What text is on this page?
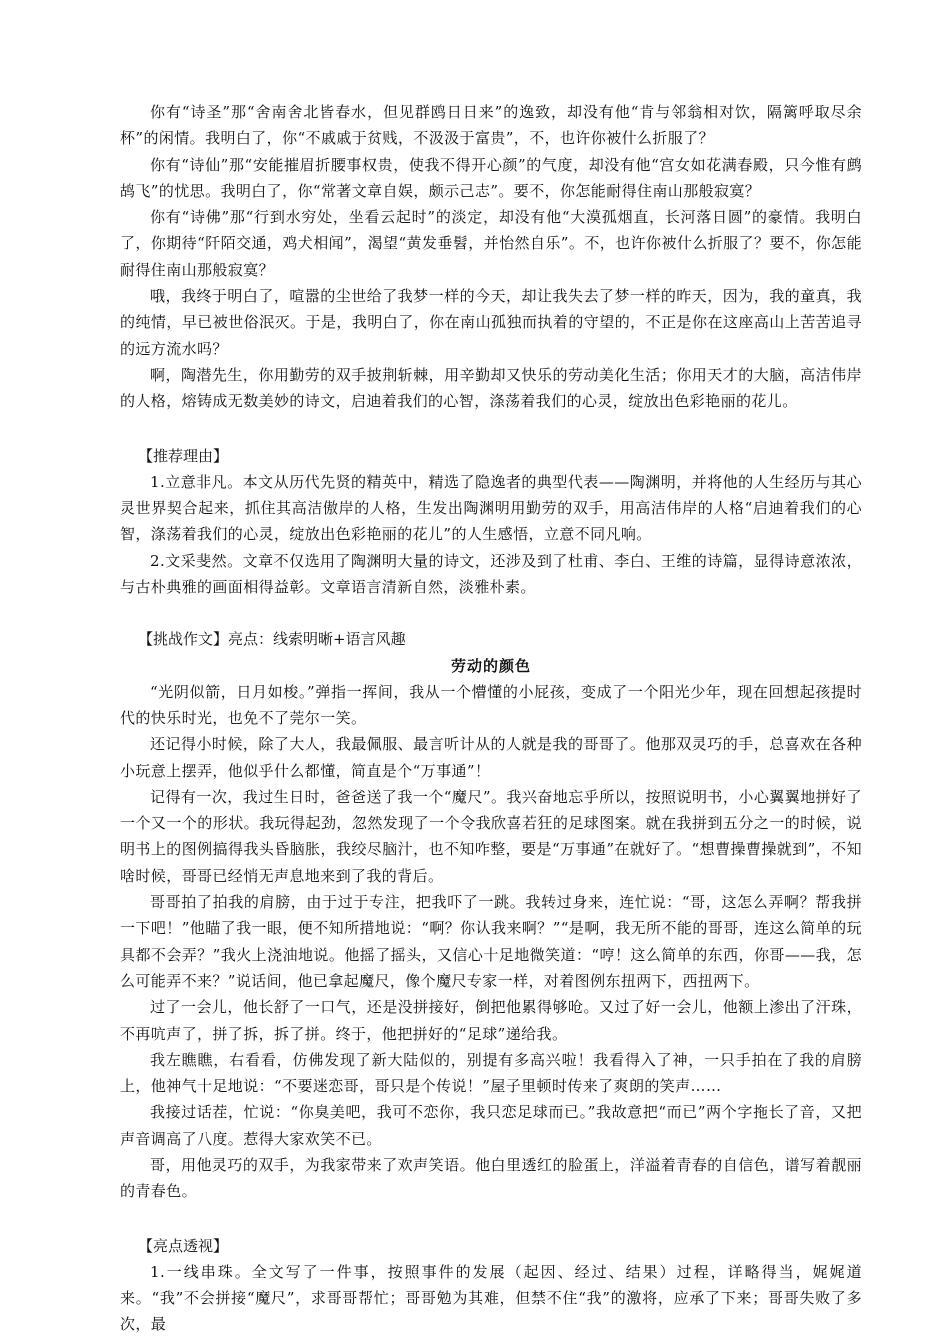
你有“诗圣”那“舍南舍北皆春水，但见群鸥日日来”的逸致，却没有他“肯与邻翁相对饮，隔篱呼取尽余杯”的闲情。我明白了，你“不戚戚于贫贱，不汲汲于富贵”，不，也许你被什么折服了？

你有“诗仙”那“安能摧眉折腰事权贵，使我不得开心颜”的气度，却没有他“宫女如花满春殿，只今惟有鹧鸪飞”的忧思。我明白了，你“常著文章自娱，颇示己志”。要不，你怎能耐得住南山那般寂寞？

你有“诗佛”那“行到水穷处，坐看云起时”的淡定，却没有他“大漠孤烟直，长河落日圆”的豪情。我明白了，你期待“阡陌交通，鸡犬相闻”，渴望“黄发垂髫，并怡然自乐”。不，也许你被什么折服了？要不，你怎能耐得住南山那般寂寞？

哦，我终于明白了，喧嚣的尘世给了我梦一样的今天，却让我失去了梦一样的昨天，因为，我的童真，我的纯情，早已被世俗泯灭。于是，我明白了，你在南山孤独而执着的守望的，不正是你在这座高山上苦苦追寻的远方流水吗？

啊，陶潜先生，你用勤劳的双手披荆斩棘，用辛勤却又快乐的劳动美化生活；你用天才的大脑，高洁伟岸的人格，熔铸成无数美妙的诗文，启迪着我们的心智，涤荡着我们的心灵，绽放出色彩艳丽的花儿。

【推荐理由】

1.立意非凡。本文从历代先贤的精英中，精选了隐逸者的典型代表——陶渊明，并将他的人生经历与其心灵世界契合起来，抓住其高洁傲岸的人格，生发出陶渊明用勤劳的双手，用高洁伟岸的人格“启迪着我们的心智，涤荡着我们的心灵，绽放出色彩艳丽的花儿”的人生感悟，立意不同凡响。

2.文采斐然。文章不仅选用了陶渊明大量的诗文，还涉及到了杜甫、李白、王维的诗篇，显得诗意浓浓，与古朴典雅的画面相得益彰。文章语言清新自然，淡雅朴素。

【挑战作文】亮点：线索明晰+语言风趣
劳动的颜色

“光阴似箭，日月如梭。”弹指一挥间，我从一个懵懂的小屁孩，变成了一个阳光少年，现在回想起孩提时代的快乐时光，也免不了莞尔一笑。

还记得小时候，除了大人，我最佩服、最言听计从的人就是我的哥哥了。他那双灵巧的手，总喜欢在各种小玩意上摆弄，他似乎什么都懂，简直是个“万事通”！

记得有一次，我过生日时，爸爸送了我一个“魔尺”。我兴奋地忘乎所以，按照说明书，小心翼翼地拼好了一个又一个的形状。我玩得起劲，忽然发现了一个令我欣喜若狂的足球图案。就在我拼到五分之一的时候，说明书上的图例搞得我头昏脑胀，我绞尽脑汁，也不知咋整，要是“万事通”在就好了。“想曹操曹操就到”，不知啥时候，哥哥已经悄无声息地来到了我的背后。

哥哥拍了拍我的肩膀，由于过于专注，把我吓了一跳。我转过身来，连忙说：“哥，这怎么弄啊？帮我拼一下吧！”他瞄了我一眼，便不知所措地说：“啊？你认我来啊？”“是啊，我无所不能的哥哥，连这么简单的玩具都不会弄？”我火上浇油地说。他摇了摇头，又信心十足地微笑道：“哼！这么简单的东西，你哥——我，怎么可能弄不来？”说话间，他已拿起魔尺，像个魔尺专家一样，对着图例东扭两下，西扭两下。

过了一会儿，他长舒了一口气，还是没拼接好，倒把他累得够呛。又过了好一会儿，他额上渗出了汗珠，不再吭声了，拼了拆，拆了拼。终于，他把拼好的“足球”递给我。

我左瞧瞧，右看看，仿佛发现了新大陆似的，别提有多高兴啦！我看得入了神，一只手拍在了我的肩膀上，他神气十足地说：“不要迷恋哥，哥只是个传说！”屋子里顿时传来了爽朗的笑声……

我接过话茬，忙说：“你臭美吧，我可不恋你，我只恋足球而已。”我故意把“而已”两个字拖长了音，又把声音调高了八度。惹得大家欢笑不已。

哥，用他灵巧的双手，为我家带来了欢声笑语。他白里透红的脸蛋上，洋溢着青春的自信色，谱写着靓丽的青春色。

【亮点透视】

1.一线串珠。全文写了一件事，按照事件的发展（起因、经过、结果）过程，详略得当，娓娓道来。“我”不会拼接“魔尺”，求哥哥帮忙；哥哥勉为其难，但禁不住“我”的激将，应承了下来；哥哥失败了多次，最
